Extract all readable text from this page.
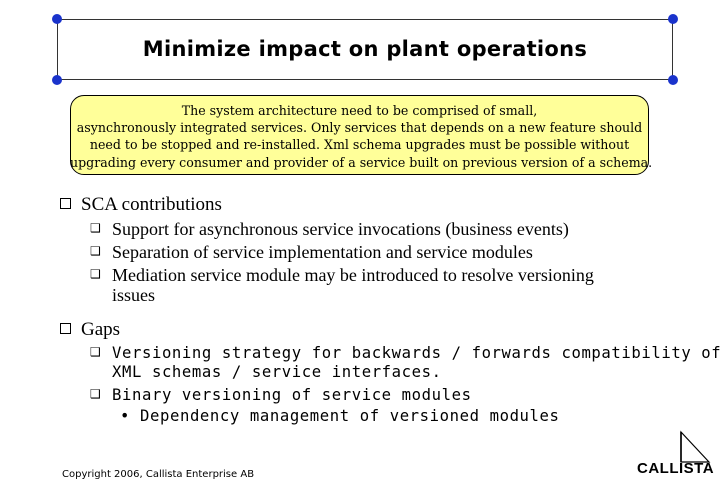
Minimize impact on plant operations
The system architecture need to be comprised of small,
asynchronously integrated services. Only services that depends on a new feature should
need to be stopped and re-installed. Xml schema upgrades must be possible without
upgrading every consumer and provider of a service built on previous version of a schema.
SCA contributions
❑ Support for asynchronous service invocations (business events)
❑ Separation of service implementation and service modules
❑ Mediation service module may be introduced to resolve versioning
issues
Gaps
❑ Versioning strategy for backwards / forwards compatibility of
XML schemas / service interfaces.
❑ Binary versioning of service modules
• Dependency management of versioned modules
Copyright 2006, Callista Enterprise AB	CALLISTA
